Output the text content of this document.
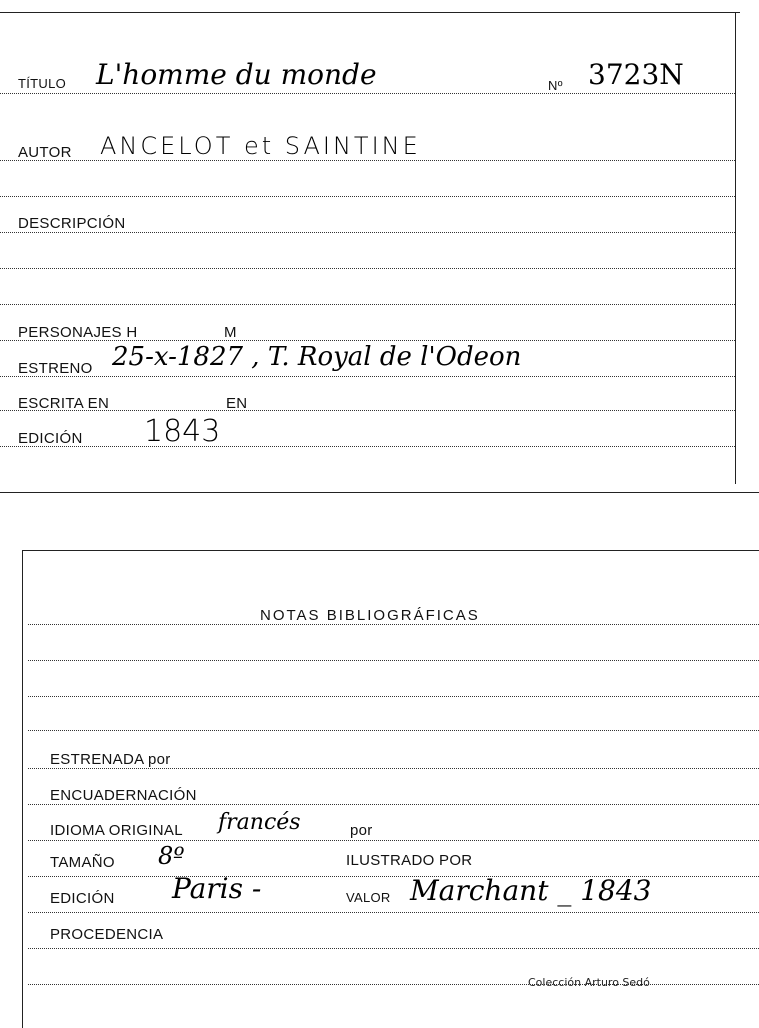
TÍTULO L'homme du monde	Nº 3723N
AUTOR ANCELOT et SAINTINE
DESCRIPCIÓN
PERSONAJES H	M
ESTRENO 25-x-1827 , T. Royal de l'Odeon
ESCRITA EN	EN
EDICIÓN 1843
NOTAS BIBLIOGRÁFICAS
ESTRENADA por
ENCUADERNACIÓN
IDIOMA ORIGINAL francés	por
TAMAÑO 8º	ILUSTRADO POR
EDICIÓN Paris -	VALOR Marchant _ 1843
PROCEDENCIA
Colección Arturo Sedó
